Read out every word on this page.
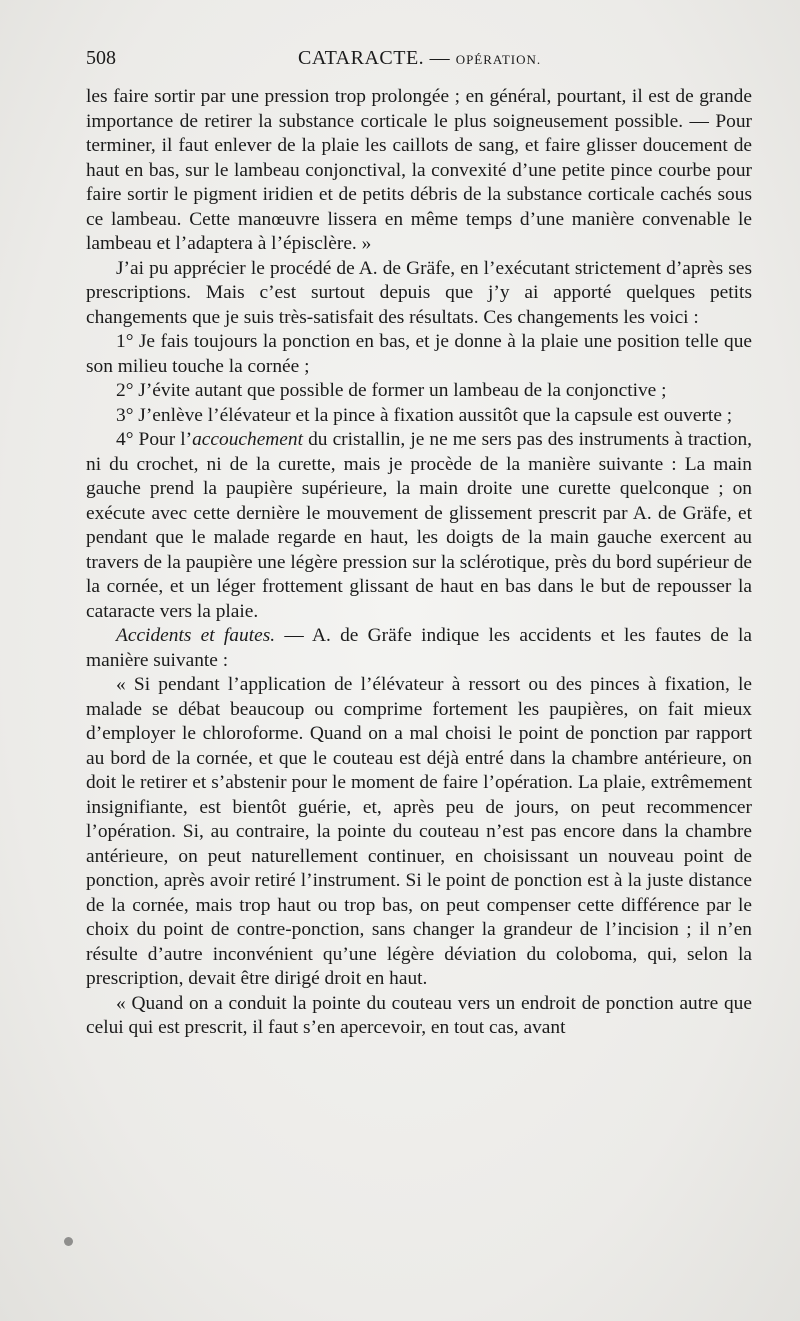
508	CATARACTE. — OPÉRATION.

les faire sortir par une pression trop prolongée ; en général, pourtant, il est de grande importance de retirer la substance corticale le plus soigneusement possible. — Pour terminer, il faut enlever de la plaie les caillots de sang, et faire glisser doucement de haut en bas, sur le lambeau conjonctival, la convexité d’une petite pince courbe pour faire sortir le pigment iridien et de petits débris de la substance corticale cachés sous ce lambeau. Cette manœuvre lissera en même temps d’une manière convenable le lambeau et l’adaptera à l’épisclère. »

J’ai pu apprécier le procédé de A. de Gräfe, en l’exécutant strictement d’après ses prescriptions. Mais c’est surtout depuis que j’y ai apporté quelques petits changements que je suis très-satisfait des résultats. Ces changements les voici :

1° Je fais toujours la ponction en bas, et je donne à la plaie une position telle que son milieu touche la cornée ;

2° J’évite autant que possible de former un lambeau de la conjonctive ;

3° J’enlève l’élévateur et la pince à fixation aussitôt que la capsule est ouverte ;

4° Pour l’accouchement du cristallin, je ne me sers pas des instruments à traction, ni du crochet, ni de la curette, mais je procède de la manière suivante : La main gauche prend la paupière supérieure, la main droite une curette quelconque ; on exécute avec cette dernière le mouvement de glissement prescrit par A. de Gräfe, et pendant que le malade regarde en haut, les doigts de la main gauche exercent au travers de la paupière une légère pression sur la sclérotique, près du bord supérieur de la cornée, et un léger frottement glissant de haut en bas dans le but de repousser la cataracte vers la plaie.

Accidents et fautes. — A. de Gräfe indique les accidents et les fautes de la manière suivante :

« Si pendant l’application de l’élévateur à ressort ou des pinces à fixation, le malade se débat beaucoup ou comprime fortement les paupières, on fait mieux d’employer le chloroforme. Quand on a mal choisi le point de ponction par rapport au bord de la cornée, et que le couteau est déjà entré dans la chambre antérieure, on doit le retirer et s’abstenir pour le moment de faire l’opération. La plaie, extrêmement insignifiante, est bientôt guérie, et, après peu de jours, on peut recommencer l’opération. Si, au contraire, la pointe du couteau n’est pas encore dans la chambre antérieure, on peut naturellement continuer, en choisissant un nouveau point de ponction, après avoir retiré l’instrument. Si le point de ponction est à la juste distance de la cornée, mais trop haut ou trop bas, on peut compenser cette différence par le choix du point de contre-ponction, sans changer la grandeur de l’incision ; il n’en résulte d’autre inconvénient qu’une légère déviation du coloboma, qui, selon la prescription, devait être dirigé droit en haut.

« Quand on a conduit la pointe du couteau vers un endroit de ponction autre que celui qui est prescrit, il faut s’en apercevoir, en tout cas, avant
